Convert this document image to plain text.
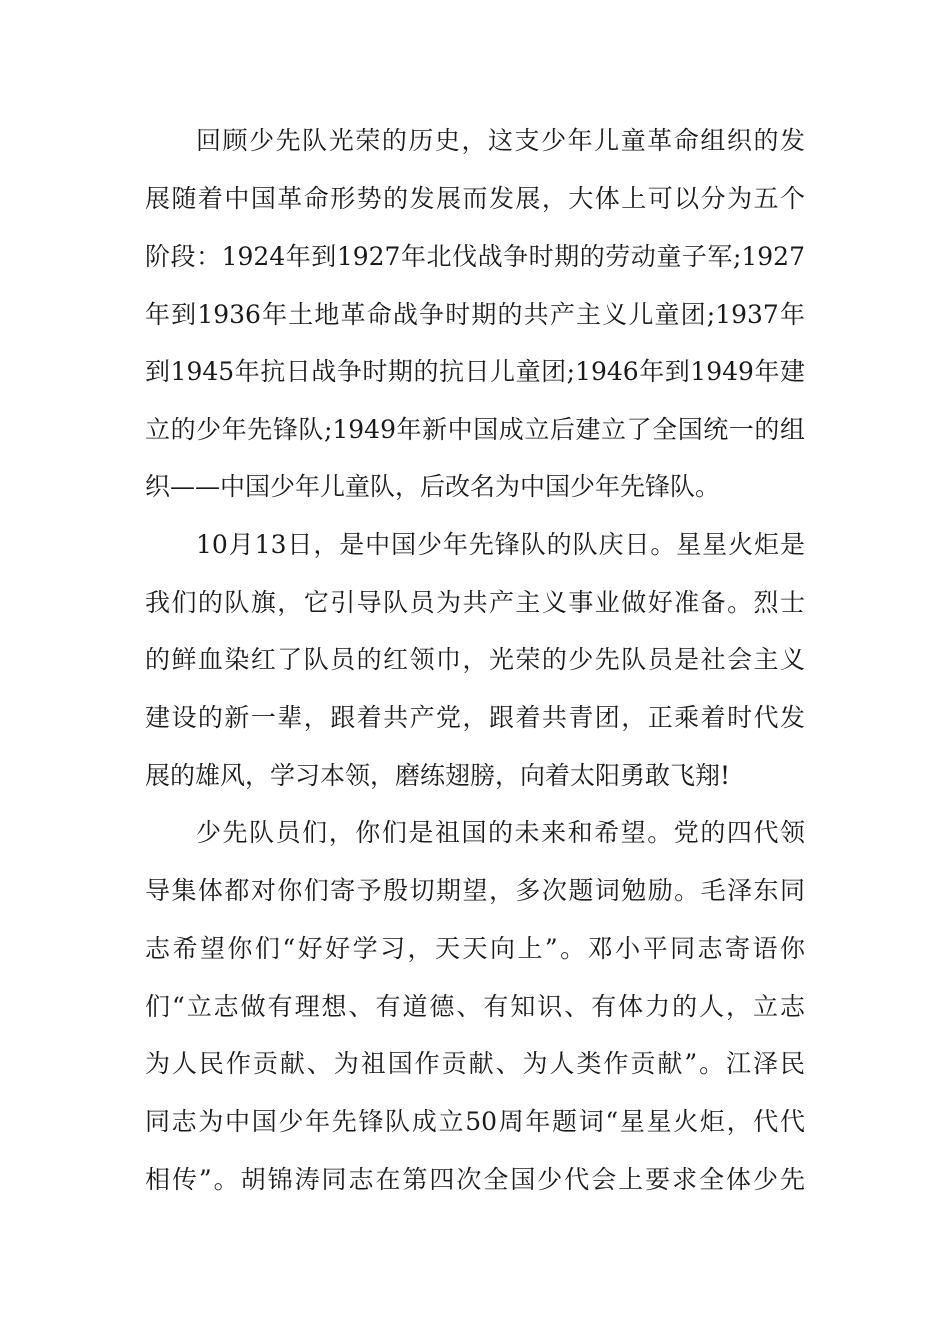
回顾少先队光荣的历史，这支少年儿童革命组织的发

展随着中国革命形势的发展而发展，大体上可以分为五个

阶段：1924年到1927年北伐战争时期的劳动童子军;1927

年到1936年土地革命战争时期的共产主义儿童团;1937年

到1945年抗日战争时期的抗日儿童团;1946年到1949年建

立的少年先锋队;1949年新中国成立后建立了全国统一的组

织——中国少年儿童队，后改名为中国少年先锋队。

10月13日，是中国少年先锋队的队庆日。星星火炬是

我们的队旗，它引导队员为共产主义事业做好准备。烈士

的鲜血染红了队员的红领巾，光荣的少先队员是社会主义

建设的新一辈，跟着共产党，跟着共青团，正乘着时代发

展的雄风，学习本领，磨练翅膀，向着太阳勇敢飞翔!

少先队员们，你们是祖国的未来和希望。党的四代领

导集体都对你们寄予殷切期望，多次题词勉励。毛泽东同

志希望你们“好好学习，天天向上”。邓小平同志寄语你

们“立志做有理想、有道德、有知识、有体力的人，立志

为人民作贡献、为祖国作贡献、为人类作贡献”。江泽民

同志为中国少年先锋队成立50周年题词“星星火炬，代代

相传”。胡锦涛同志在第四次全国少代会上要求全体少先
